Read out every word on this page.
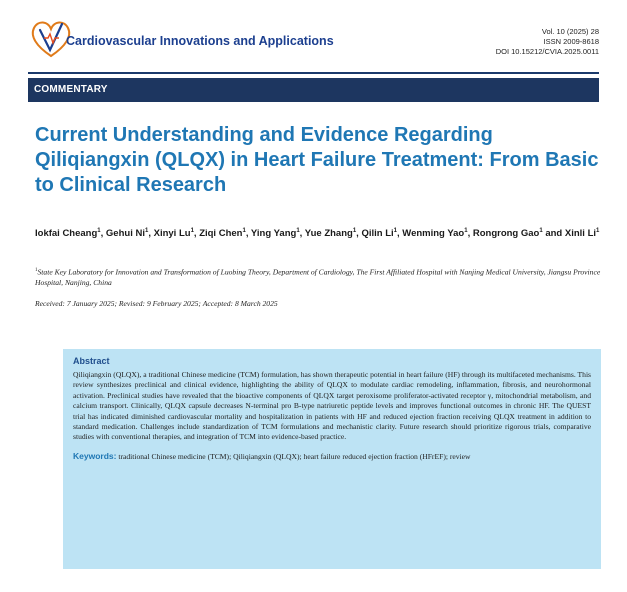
Cardiovascular Innovations and Applications
Vol. 10 (2025) 28
ISSN 2009-8618
DOI 10.15212/CVIA.2025.0011
COMMENTARY
Current Understanding and Evidence Regarding Qiliqiangxin (QLQX) in Heart Failure Treatment: From Basic to Clinical Research

Iokfai Cheang$^1$, Gehui Ni$^1$, Xinyi Lu$^1$, Ziqi Chen$^1$, Ying Yang$^1$, Yue Zhang$^1$, Qilin Li$^1$, Wenming Yao$^1$, Rongrong Gao$^1$ and Xinli Li$^1$

$^1$State Key Laboratory for Innovation and Transformation of Luobing Theory, Department of Cardiology, The First Affiliated Hospital with Nanjing Medical University, Jiangsu Province Hospital, Nanjing, China

Received: 7 January 2025; Revised: 9 February 2025; Accepted: 8 March 2025

Abstract

Qiliqiangxin (QLQX), a traditional Chinese medicine (TCM) formulation, has shown therapeutic potential in heart failure (HF) through its multifaceted mechanisms. This review synthesizes preclinical and clinical evidence, highlighting the ability of QLQX to modulate cardiac remodeling, inflammation, fibrosis, and neurohormonal activation. Preclinical studies have revealed that the bioactive components of QLQX target peroxisome proliferator-activated receptor γ, mitochondrial metabolism, and calcium transport. Clinically, QLQX capsule decreases N-terminal pro B-type natriuretic peptide levels and improves functional outcomes in chronic HF. The QUEST trial has indicated diminished cardiovascular mortality and hospitalization in patients with HF and reduced ejection fraction receiving QLQX treatment in addition to standard medication. Challenges include standardization of TCM formulations and mechanistic clarity. Future research should prioritize rigorous trials, comparative studies with conventional therapies, and integration of TCM into evidence-based practice.

Keywords: traditional Chinese medicine (TCM); Qiliqiangxin (QLQX); heart failure reduced ejection fraction (HFrEF); review
